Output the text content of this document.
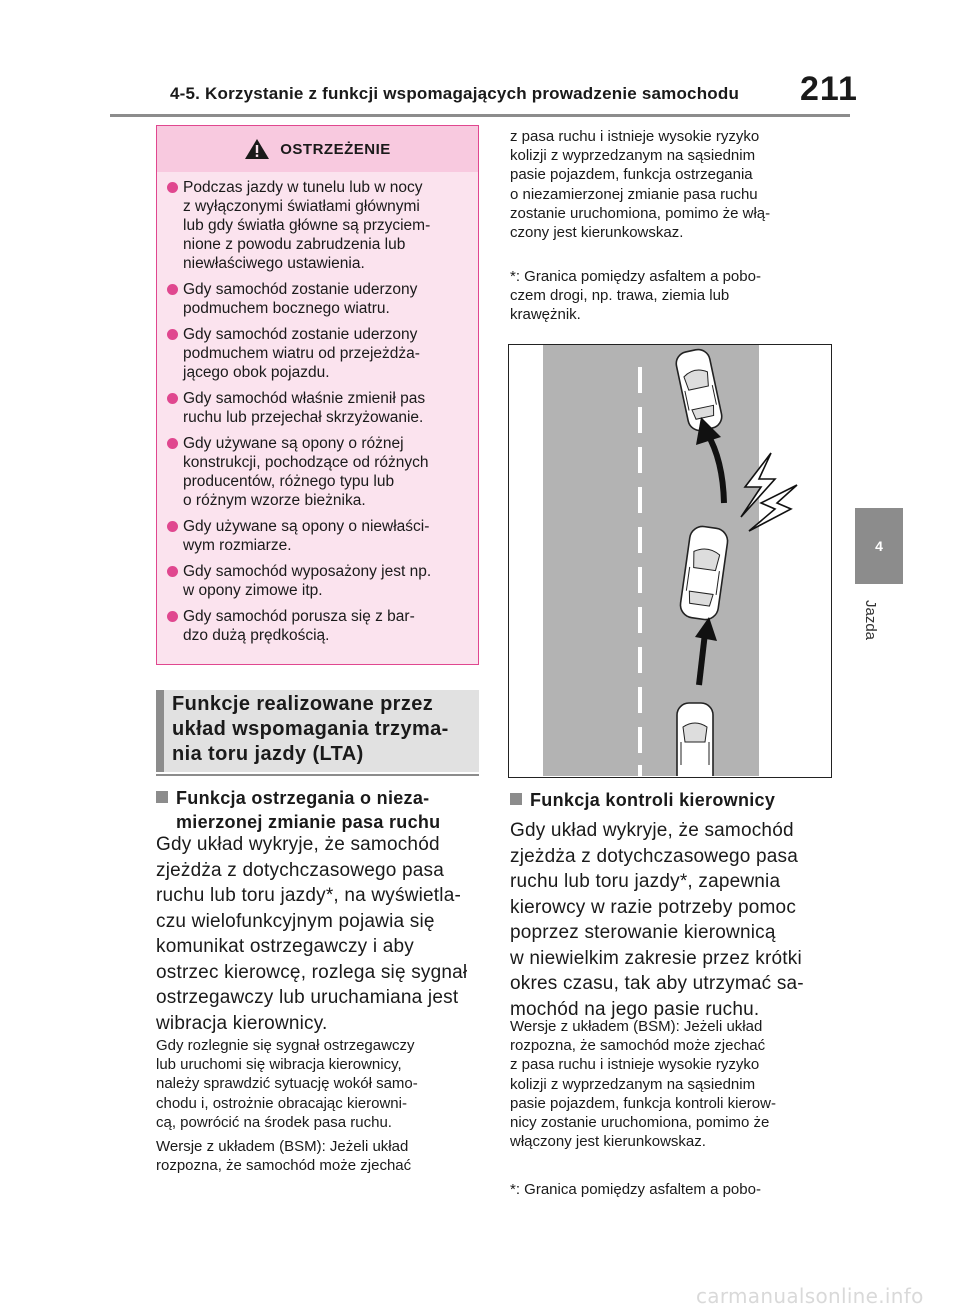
4-5. Korzystanie z funkcji wspomagających prowadzenie samochodu 211
4
Jazda
OSTRZEŻENIE
Podczas jazdy w tunelu lub w nocy
z wyłączonymi światłami głównymi
lub gdy światła główne są przyciem-
nione z powodu zabrudzenia lub
niewłaściwego ustawienia.
Gdy samochód zostanie uderzony
podmuchem bocznego wiatru.
Gdy samochód zostanie uderzony
podmuchem wiatru od przejeżdża-
jącego obok pojazdu.
Gdy samochód właśnie zmienił pas
ruchu lub przejechał skrzyżowanie.
Gdy używane są opony o różnej
konstrukcji, pochodzące od różnych
producentów, różnego typu lub
o różnym wzorze bieżnika.
Gdy używane są opony o niewłaści-
wym rozmiarze.
Gdy samochód wyposażony jest np.
w opony zimowe itp.
Gdy samochód porusza się z bar-
dzo dużą prędkością.
Funkcje realizowane przez
układ wspomagania trzyma-
nia toru jazdy (LTA)
Funkcja ostrzegania o nieza-
mierzonej zmianie pasa ruchu
Gdy układ wykryje, że samochód
zjeżdża z dotychczasowego pasa
ruchu lub toru jazdy*, na wyświetla-
czu wielofunkcyjnym pojawia się
komunikat ostrzegawczy i aby
ostrzec kierowcę, rozlega się sygnał
ostrzegawczy lub uruchamiana jest
wibracja kierownicy.
Gdy rozlegnie się sygnał ostrzegawczy
lub uruchomi się wibracja kierownicy,
należy sprawdzić sytuację wokół samo-
chodu i, ostrożnie obracając kierowni-
cą, powrócić na środek pasa ruchu.
Wersje z układem (BSM): Jeżeli układ
rozpozna, że samochód może zjechać
z pasa ruchu i istnieje wysokie ryzyko
kolizji z wyprzedzanym na sąsiednim
pasie pojazdem, funkcja ostrzegania
o niezamierzonej zmianie pasa ruchu
zostanie uruchomiona, pomimo że włą-
czony jest kierunkowskaz.
*: Granica pomiędzy asfaltem a pobo-
czem drogi, np. trawa, ziemia lub
krawężnik.
Funkcja kontroli kierownicy
Gdy układ wykryje, że samochód
zjeżdża z dotychczasowego pasa
ruchu lub toru jazdy*, zapewnia
kierowcy w razie potrzeby pomoc
poprzez sterowanie kierownicą
w niewielkim zakresie przez krótki
okres czasu, tak aby utrzymać sa-
mochód na jego pasie ruchu.
Wersje z układem (BSM): Jeżeli układ
rozpozna, że samochód może zjechać
z pasa ruchu i istnieje wysokie ryzyko
kolizji z wyprzedzanym na sąsiednim
pasie pojazdem, funkcja kontroli kierow-
nicy zostanie uruchomiona, pomimo że
włączony jest kierunkowskaz.
*: Granica pomiędzy asfaltem a pobo-
carmanualsonline.info
